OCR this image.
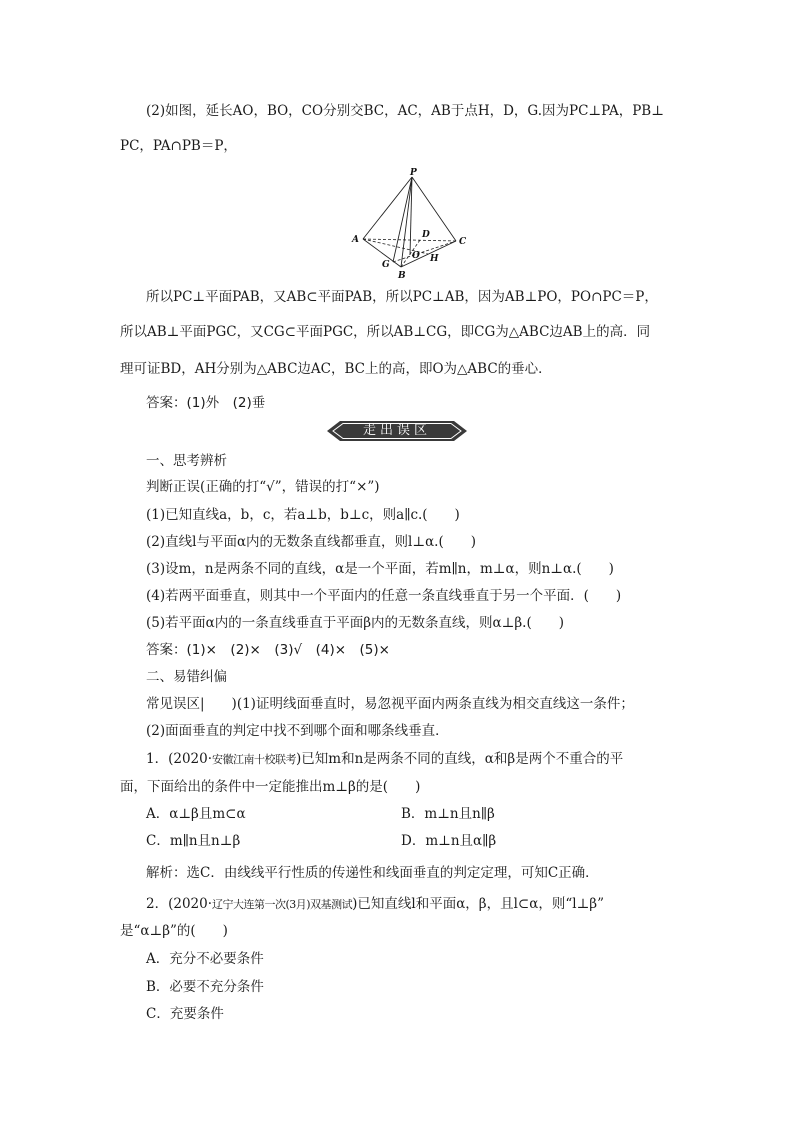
(2)如图，延长AO，BO，CO分别交BC，AC，AB于点H，D，G.因为PC⊥PA，PB⊥
PC，PA∩PB＝P，
P
A
B
C
D
O H
G
所以PC⊥平面PAB，又AB⊂平面PAB，所以PC⊥AB，因为AB⊥PO，PO∩PC＝P，
所以AB⊥平面PGC，又CG⊂平面PGC，所以AB⊥CG，即CG为△ABC边AB上的高．同
理可证BD，AH分别为△ABC边AC，BC上的高，即O为△ABC的垂心．
答案：(1)外　(2)垂
走出误区
一、思考辨析
判断正误(正确的打“√”，错误的打“×”)
(1)已知直线a，b，c，若a⊥b，b⊥c，则a∥c.(　　)
(2)直线l与平面α内的无数条直线都垂直，则l⊥α.(　　)
(3)设m，n是两条不同的直线，α是一个平面，若m∥n，m⊥α，则n⊥α.(　　)
(4)若两平面垂直，则其中一个平面内的任意一条直线垂直于另一个平面．(　　)
(5)若平面α内的一条直线垂直于平面β内的无数条直线，则α⊥β.(　　)
答案：(1)×　(2)×　(3)√　(4)×　(5)×
二、易错纠偏
常见误区|　　)(1)证明线面垂直时，易忽视平面内两条直线为相交直线这一条件；
(2)面面垂直的判定中找不到哪个面和哪条线垂直．
1．(2020·安徽江南十校联考)已知m和n是两条不同的直线，α和β是两个不重合的平
面，下面给出的条件中一定能推出m⊥β的是(　　)
A．α⊥β且m⊂α	B．m⊥n且n∥β
C．m∥n且n⊥β	D．m⊥n且α∥β
解析：选C．由线线平行性质的传递性和线面垂直的判定定理，可知C正确．
2．(2020·辽宁大连第一次(3月)双基测试)已知直线l和平面α，β，且l⊂α，则“l⊥β”
是“α⊥β”的(　　)
A．充分不必要条件
B．必要不充分条件
C．充要条件
